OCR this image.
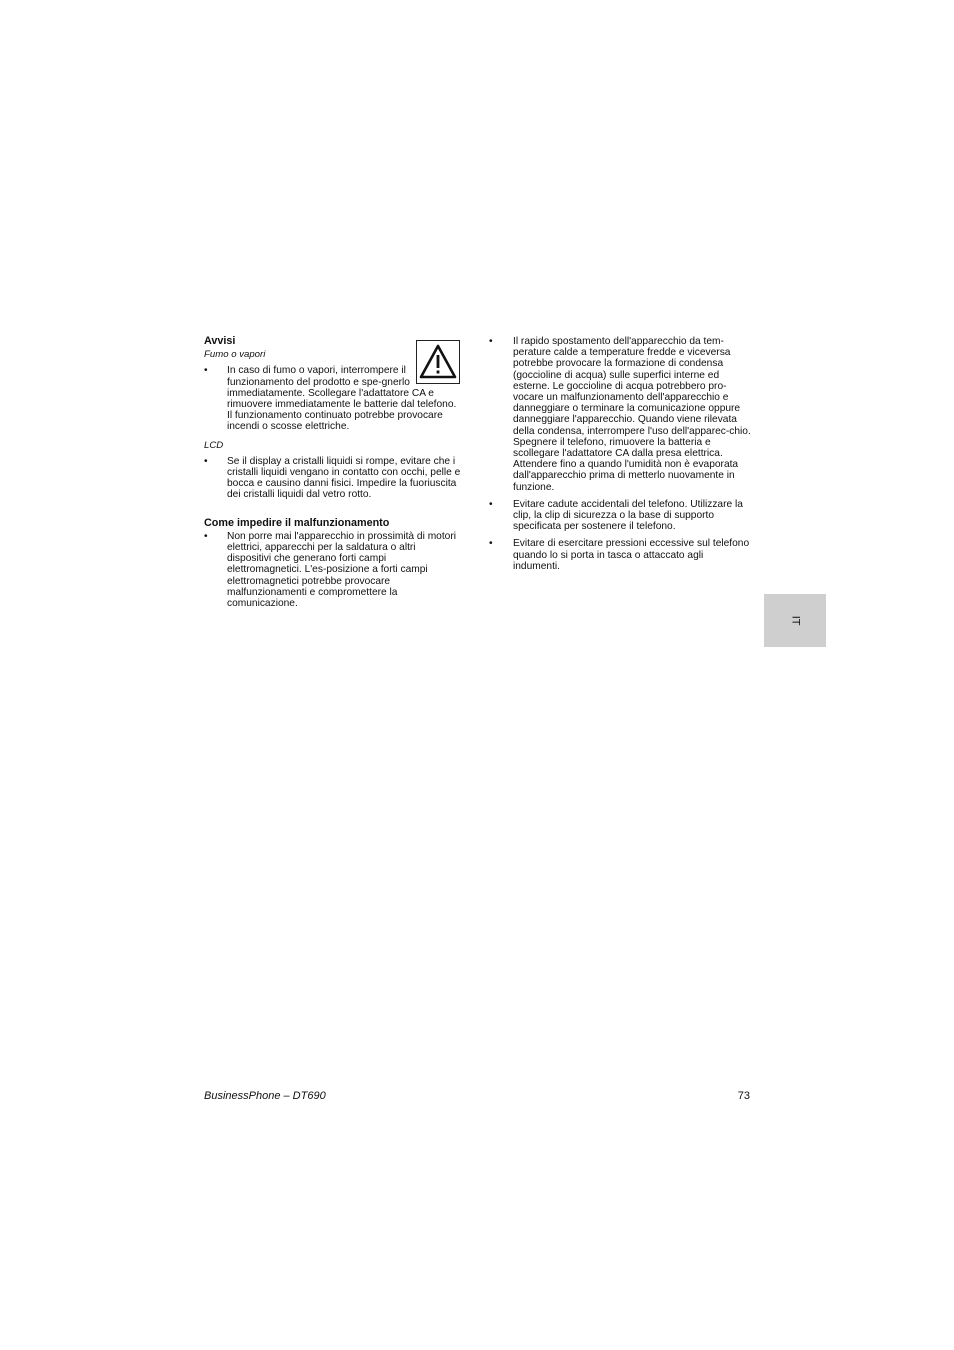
Avvisi
Fumo o vapori
• In caso di fumo o vapori, interrompere il funzionamento del prodotto e spe-gnerlo immediatamente. Scollegare l'adattatore CA e rimuovere immediatamente le batterie dal telefono. Il funzionamento continuato potrebbe provocare incendi o scosse elettriche.
LCD
• Se il display a cristalli liquidi si rompe, evitare che i cristalli liquidi vengano in contatto con occhi, pelle e bocca e causino danni fisici. Impedire la fuoriuscita dei cristalli liquidi dal vetro rotto.
Come impedire il malfunzionamento
• Non porre mai l'apparecchio in prossimità di motori elettrici, apparecchi per la saldatura o altri dispositivi che generano forti campi elettromagnetici. L'es-posizione a forti campi elettromagnetici potrebbe provocare malfunzionamenti e compromettere la comunicazione.
• Il rapido spostamento dell'apparecchio da tem-perature calde a temperature fredde e viceversa potrebbe provocare la formazione di condensa (goccioline di acqua) sulle superfici interne ed esterne. Le goccioline di acqua potrebbero pro-vocare un malfunzionamento dell'apparecchio e danneggiare o terminare la comunicazione oppure danneggiare l'apparecchio. Quando viene rilevata della condensa, interrompere l'uso dell'apparec-chio. Spegnere il telefono, rimuovere la batteria e scollegare l'adattatore CA dalla presa elettrica. Attendere fino a quando l'umidità non è evaporata dall'apparecchio prima di metterlo nuovamente in funzione.
• Evitare cadute accidentali del telefono. Utilizzare la clip, la clip di sicurezza o la base di supporto specificata per sostenere il telefono.
• Evitare di esercitare pressioni eccessive sul telefono quando lo si porta in tasca o attaccato agli indumenti.
IT
BusinessPhone – DT690	73
